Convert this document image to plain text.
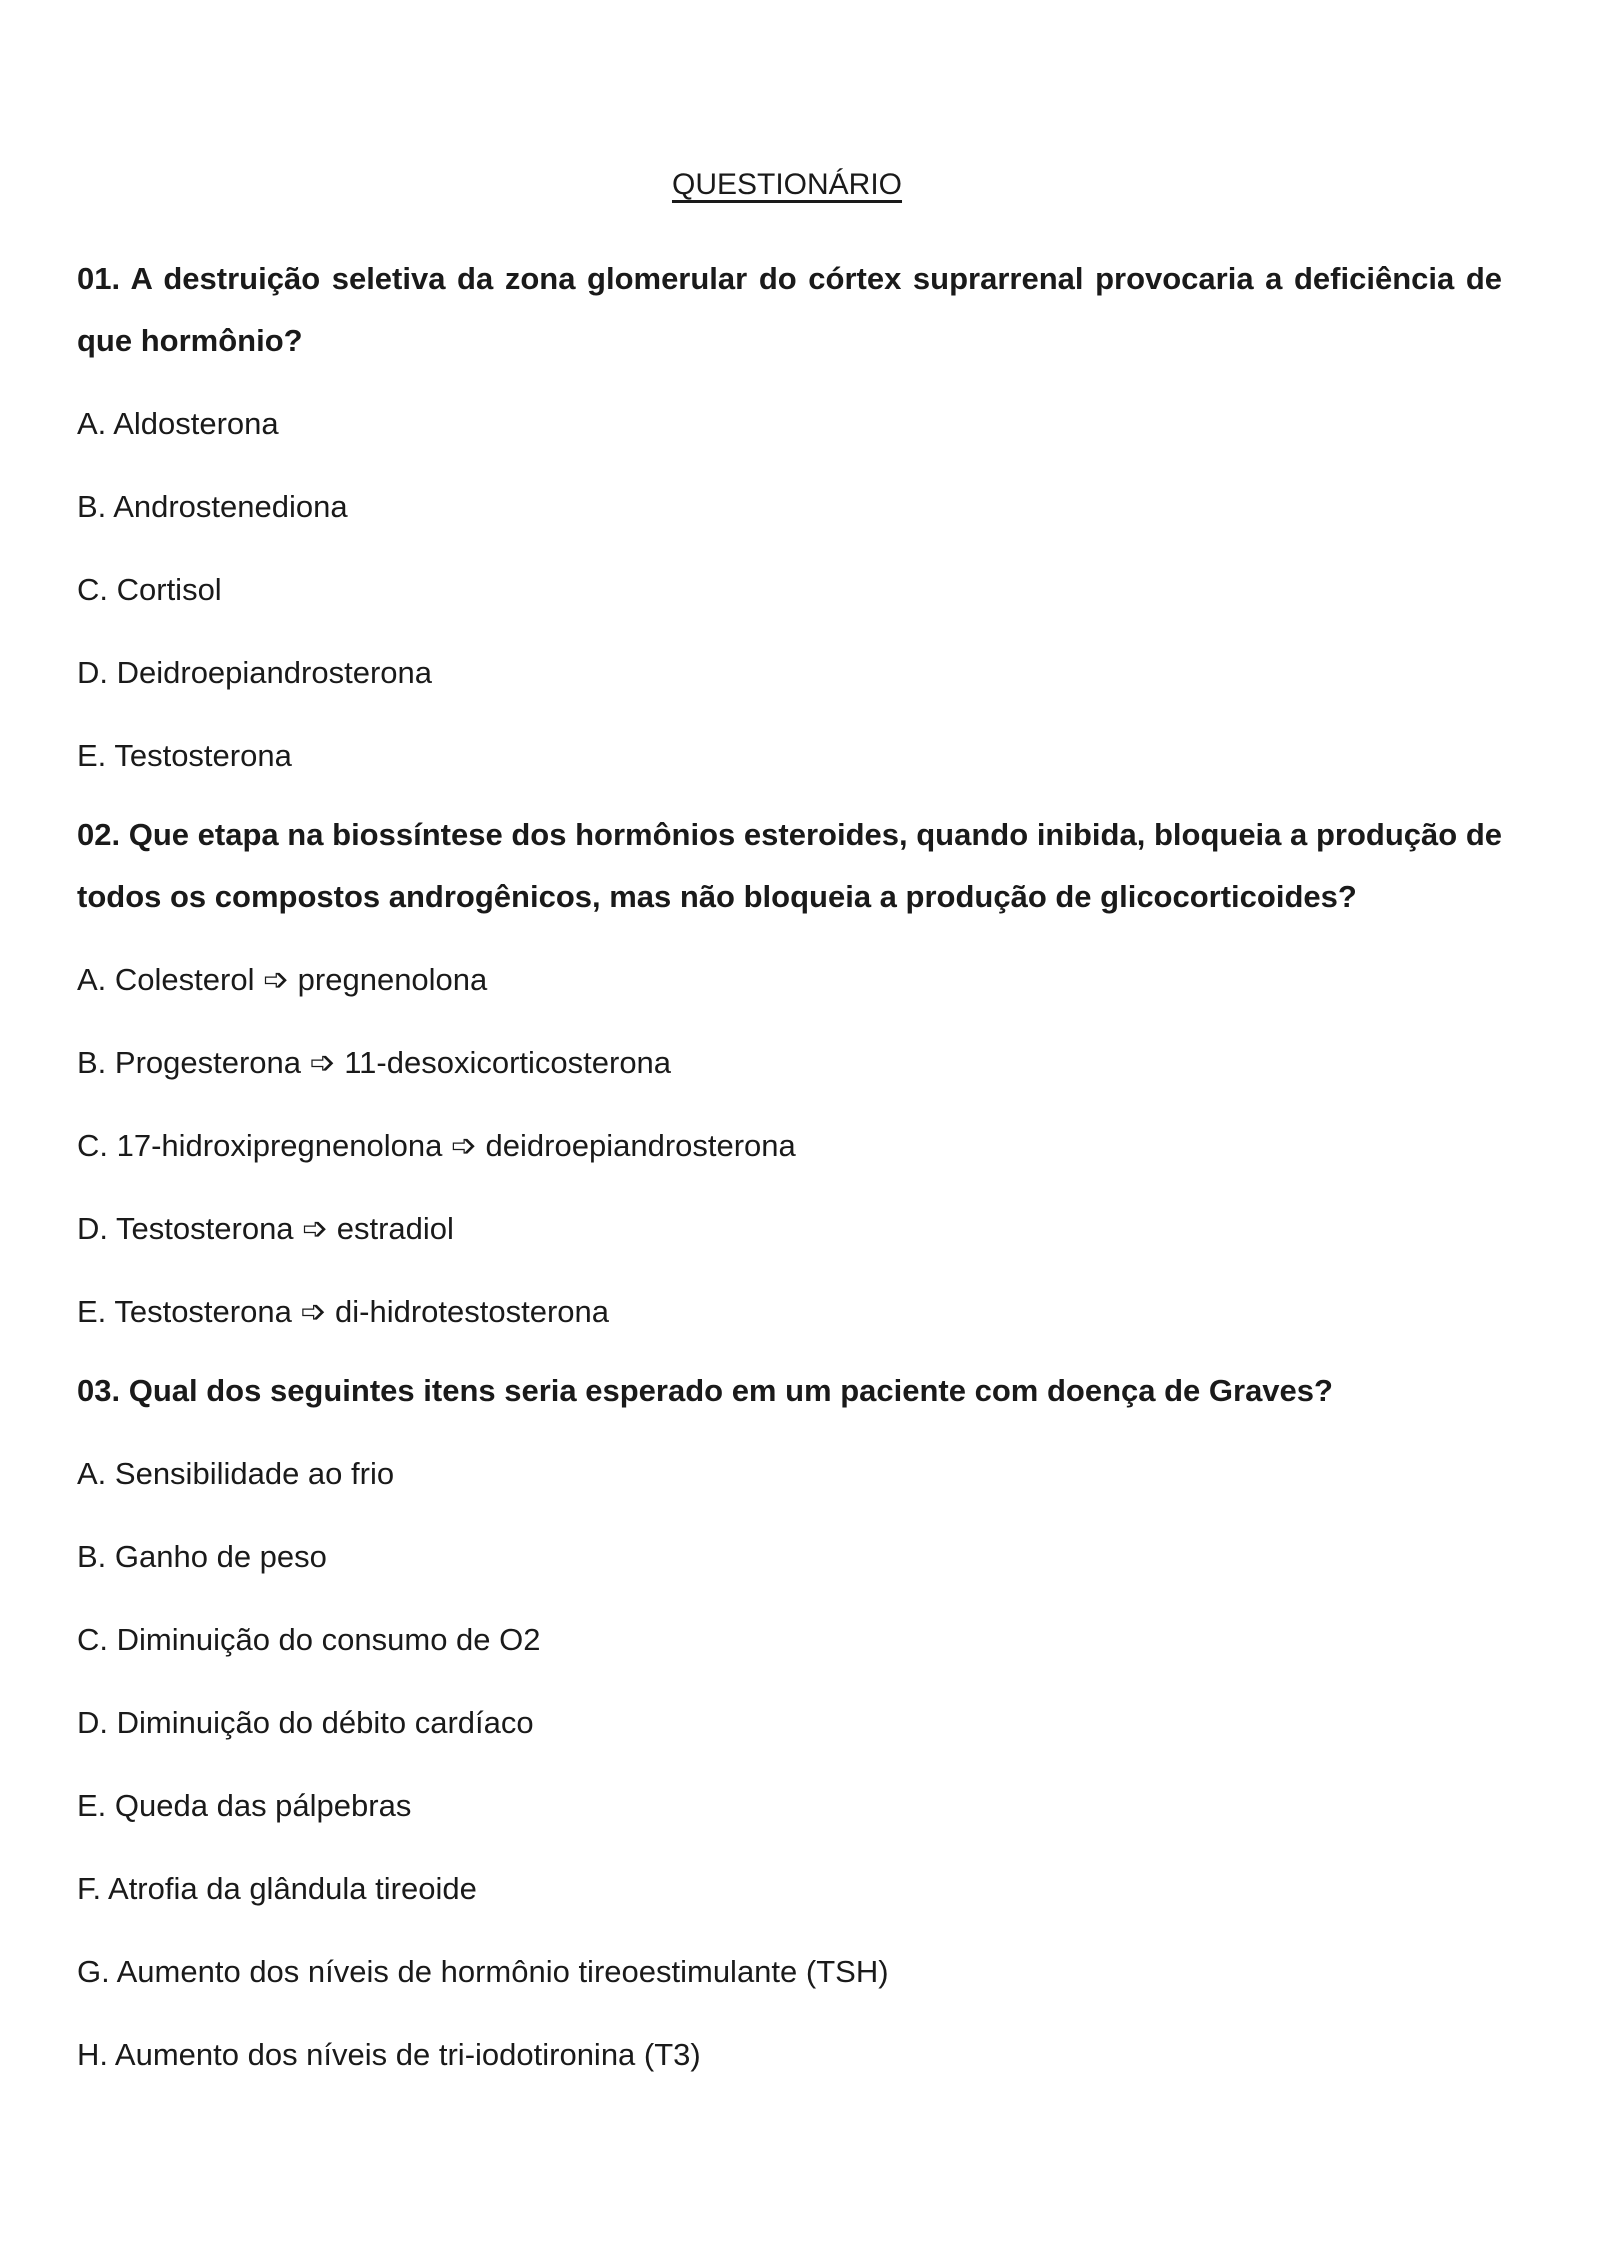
QUESTIONÁRIO

01. A destruição seletiva da zona glomerular do córtex suprarrenal provocaria a deficiência de que hormônio?

A. Aldosterona

B. Androstenediona

C. Cortisol

D. Deidroepiandrosterona

E. Testosterona

02. Que etapa na biossíntese dos hormônios esteroides, quando inibida, bloqueia a produção de todos os compostos androgênicos, mas não bloqueia a produção de glicocorticoides?

A. Colesterol ➩ pregnenolona

B. Progesterona ➩ 11-desoxicorticosterona

C. 17-hidroxipregnenolona ➩ deidroepiandrosterona

D. Testosterona ➩ estradiol

E. Testosterona ➩ di-hidrotestosterona

03. Qual dos seguintes itens seria esperado em um paciente com doença de Graves?

A. Sensibilidade ao frio

B. Ganho de peso

C. Diminuição do consumo de O2

D. Diminuição do débito cardíaco

E. Queda das pálpebras

F. Atrofia da glândula tireoide

G. Aumento dos níveis de hormônio tireoestimulante (TSH)

H. Aumento dos níveis de tri-iodotironina (T3)
